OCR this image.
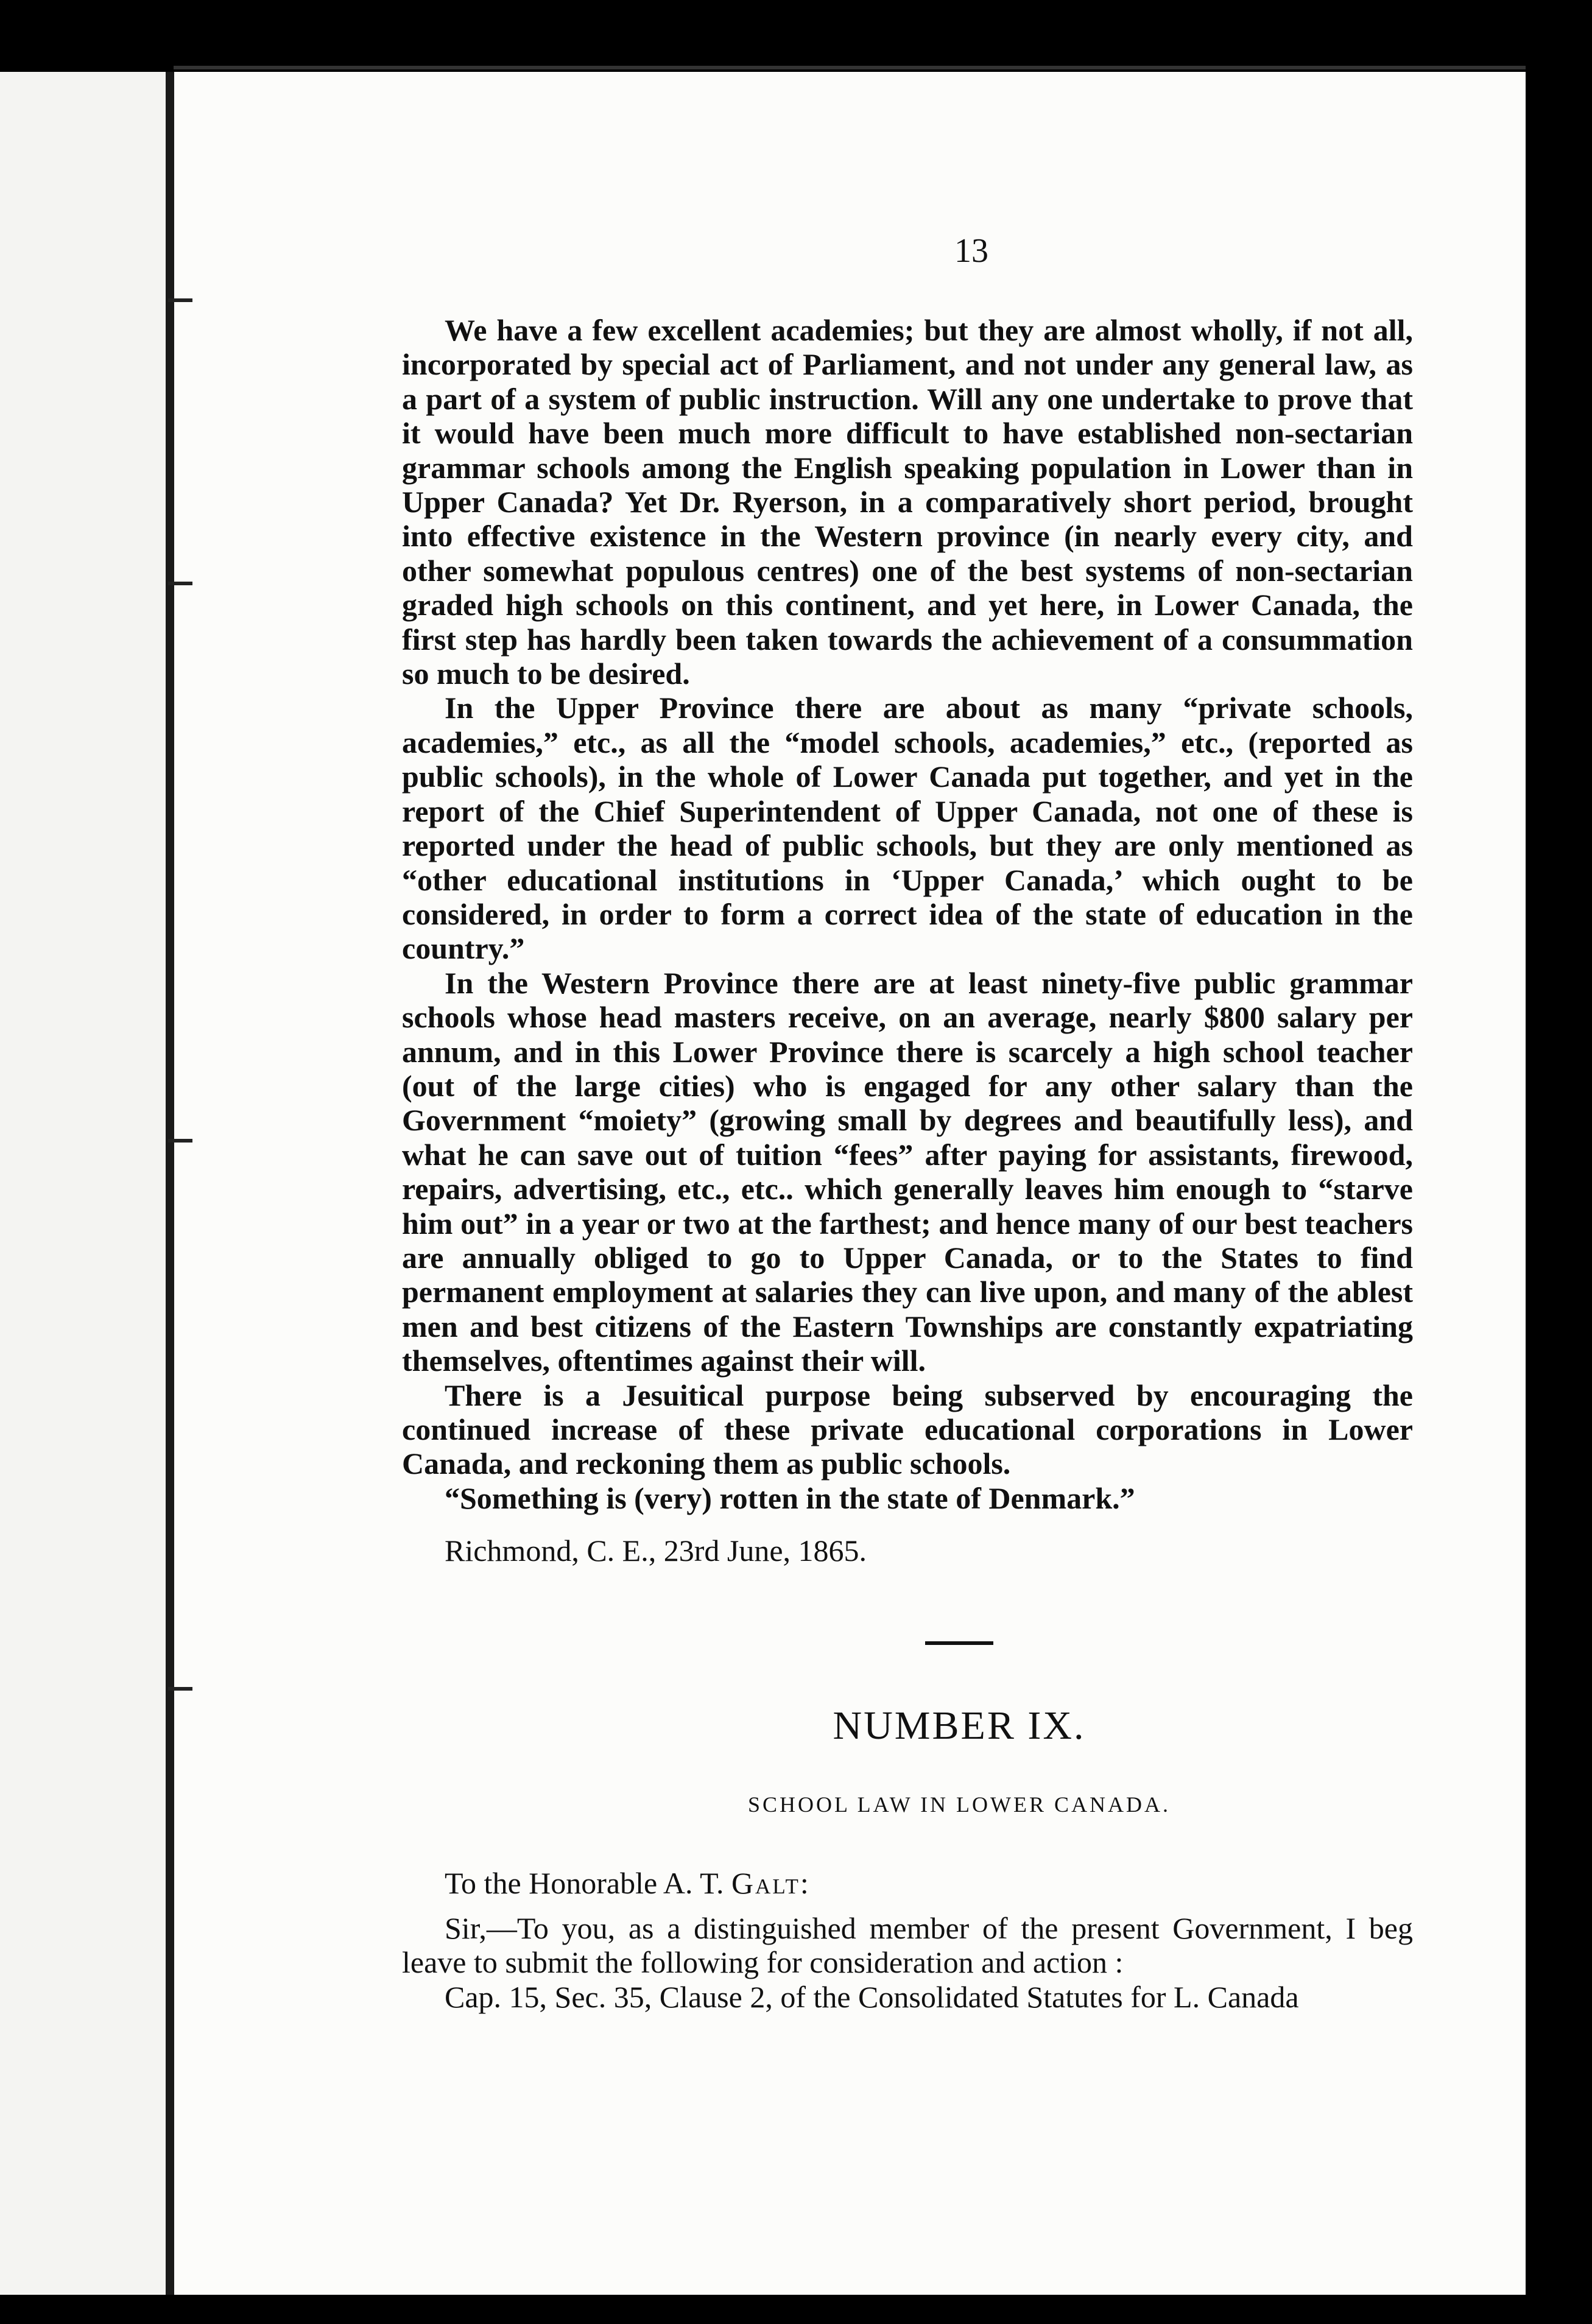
13

We have a few excellent academies; but they are almost wholly, if not all, incorporated by special act of Parliament, and not under any general law, as a part of a system of public instruction. Will any one undertake to prove that it would have been much more difficult to have established non-sectarian grammar schools among the English speaking population in Lower than in Upper Canada? Yet Dr. Ryerson, in a comparatively short period, brought into effective existence in the Western province (in nearly every city, and other somewhat populous centres) one of the best systems of non-sectarian graded high schools on this continent, and yet here, in Lower Canada, the first step has hardly been taken towards the achievement of a consummation so much to be desired.

In the Upper Province there are about as many “private schools, academies,” etc., as all the “model schools, academies,” etc., (reported as public schools), in the whole of Lower Canada put together, and yet in the report of the Chief Superintendent of Upper Canada, not one of these is reported under the head of public schools, but they are only mentioned as “other educational institutions in ‘Upper Canada,’ which ought to be considered, in order to form a correct idea of the state of education in the country.”

In the Western Province there are at least ninety-five public grammar schools whose head masters receive, on an average, nearly $800 salary per annum, and in this Lower Province there is scarcely a high school teacher (out of the large cities) who is engaged for any other salary than the Government “moiety” (growing small by degrees and beautifully less), and what he can save out of tuition “fees” after paying for assistants, firewood, repairs, advertising, etc., etc.. which generally leaves him enough to “starve him out” in a year or two at the farthest; and hence many of our best teachers are annually obliged to go to Upper Canada, or to the States to find permanent employment at salaries they can live upon, and many of the ablest men and best citizens of the Eastern Townships are constantly expatriating themselves, oftentimes against their will.

There is a Jesuitical purpose being subserved by encouraging the continued increase of these private educational corporations in Lower Canada, and reckoning them as public schools.

“Something is (very) rotten in the state of Denmark.”

Richmond, C. E., 23rd June, 1865.

NUMBER IX.
SCHOOL LAW IN LOWER CANADA.

To the Honorable A. T. Galt:

Sir,—To you, as a distinguished member of the present Government, I beg leave to submit the following for consideration and action :

Cap. 15, Sec. 35, Clause 2, of the Consolidated Statutes for L. Canada
